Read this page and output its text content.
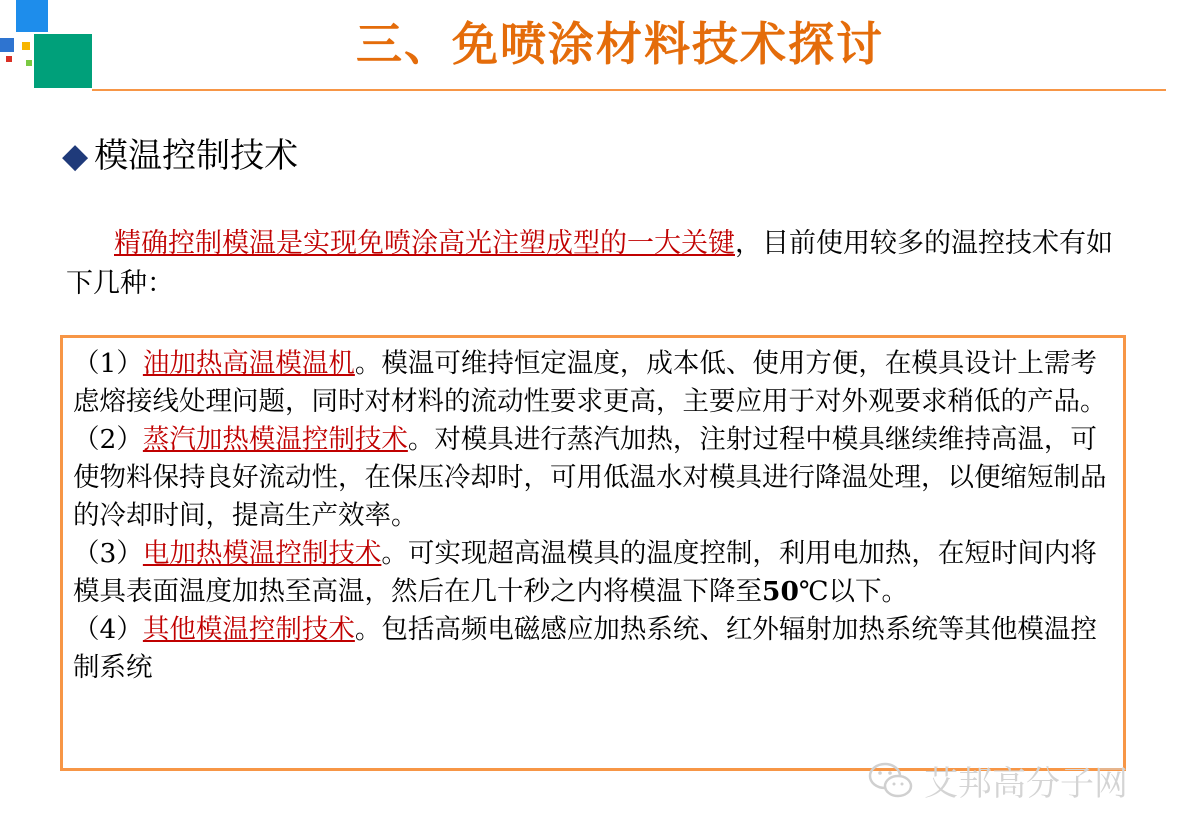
三、免喷涂材料技术探讨
◆ 模温控制技术

精确控制模温是实现免喷涂高光注塑成型的一大关键，目前使用较多的温控技术有如下几种：

（1）油加热高温模温机。模温可维持恒定温度，成本低、使用方便，在模具设计上需考虑熔接线处理问题，同时对材料的流动性要求更高，主要应用于对外观要求稍低的产品。

（2）蒸汽加热模温控制技术。对模具进行蒸汽加热，注射过程中模具继续维持高温，可使物料保持良好流动性，在保压冷却时，可用低温水对模具进行降温处理，以便缩短制品的冷却时间，提高生产效率。

（3）电加热模温控制技术。可实现超高温模具的温度控制，利用电加热，在短时间内将模具表面温度加热至高温，然后在几十秒之内将模温下降至50℃以下。

（4）其他模温控制技术。包括高频电磁感应加热系统、红外辐射加热系统等其他模温控制系统

艾邦高分子网
